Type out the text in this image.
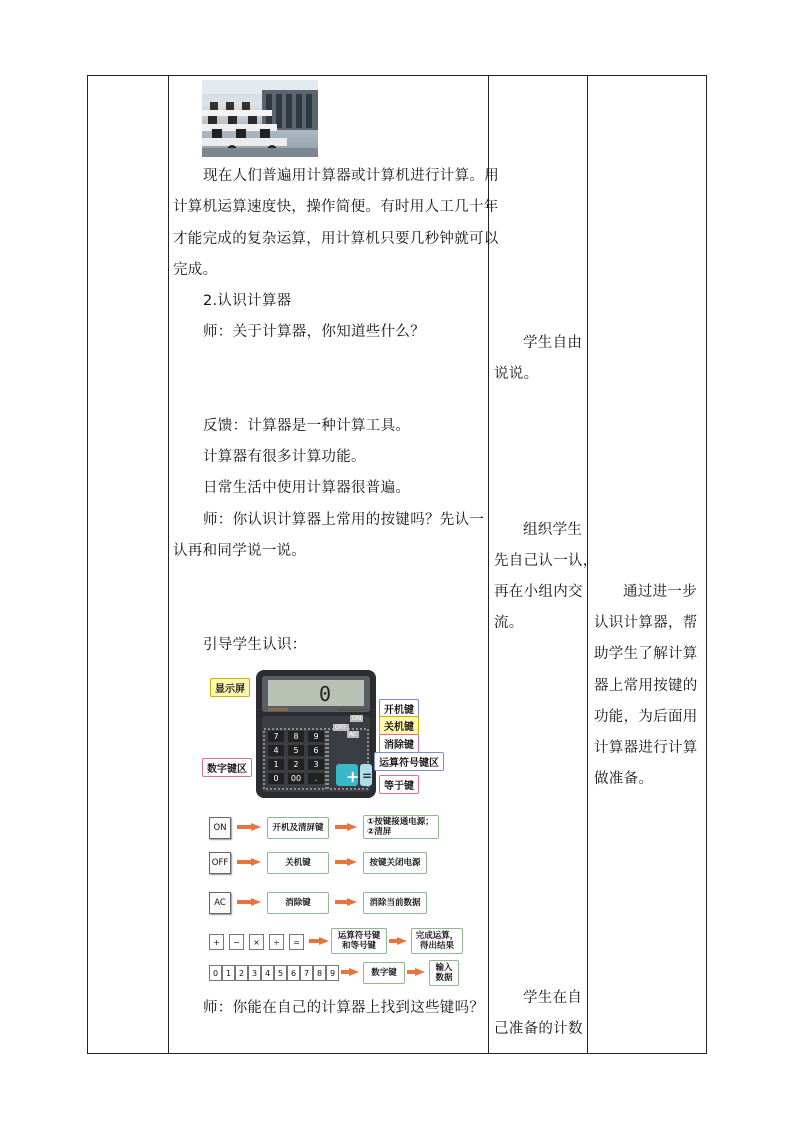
现在人们普遍用计算器或计算机进行计算。用
计算机运算速度快，操作简便。有时用人工几十年
才能完成的复杂运算，用计算机只要几秒钟就可以
完成。
2.认识计算器
师：关于计算器，你知道些什么？
反馈：计算器是一种计算工具。
计算器有很多计算功能。
日常生活中使用计算器很普遍。
师：你认识计算器上常用的按键吗？先认一
认再和同学说一说。
引导学生认识：
0
+ =
7	8	9
4	5	6
1	2	3
0	00	.
ON
OFF
AC
显示屏
开机键
关机键
消除键
数字键区
运算符号键区
等于键
ON	开机及清屏键
①按键接通电源；
②清屏
OFF	关机键	按键关闭电源
AC	消除键	消除当前数据
+	−	×	÷	=
运算符号键
和等号键
完成运算，
得出结果
0 1 2 3 4 5 6 7 8 9	数字键	输入
数据
师：你能在自己的计算器上找到这些键吗？
学生自由
说说。
组织学生
先自己认一认，
再在小组内交
流。
学生在自
己准备的计数
通过进一步
认识计算器，帮
助学生了解计算
器上常用按键的
功能，为后面用
计算器进行计算
做准备。
